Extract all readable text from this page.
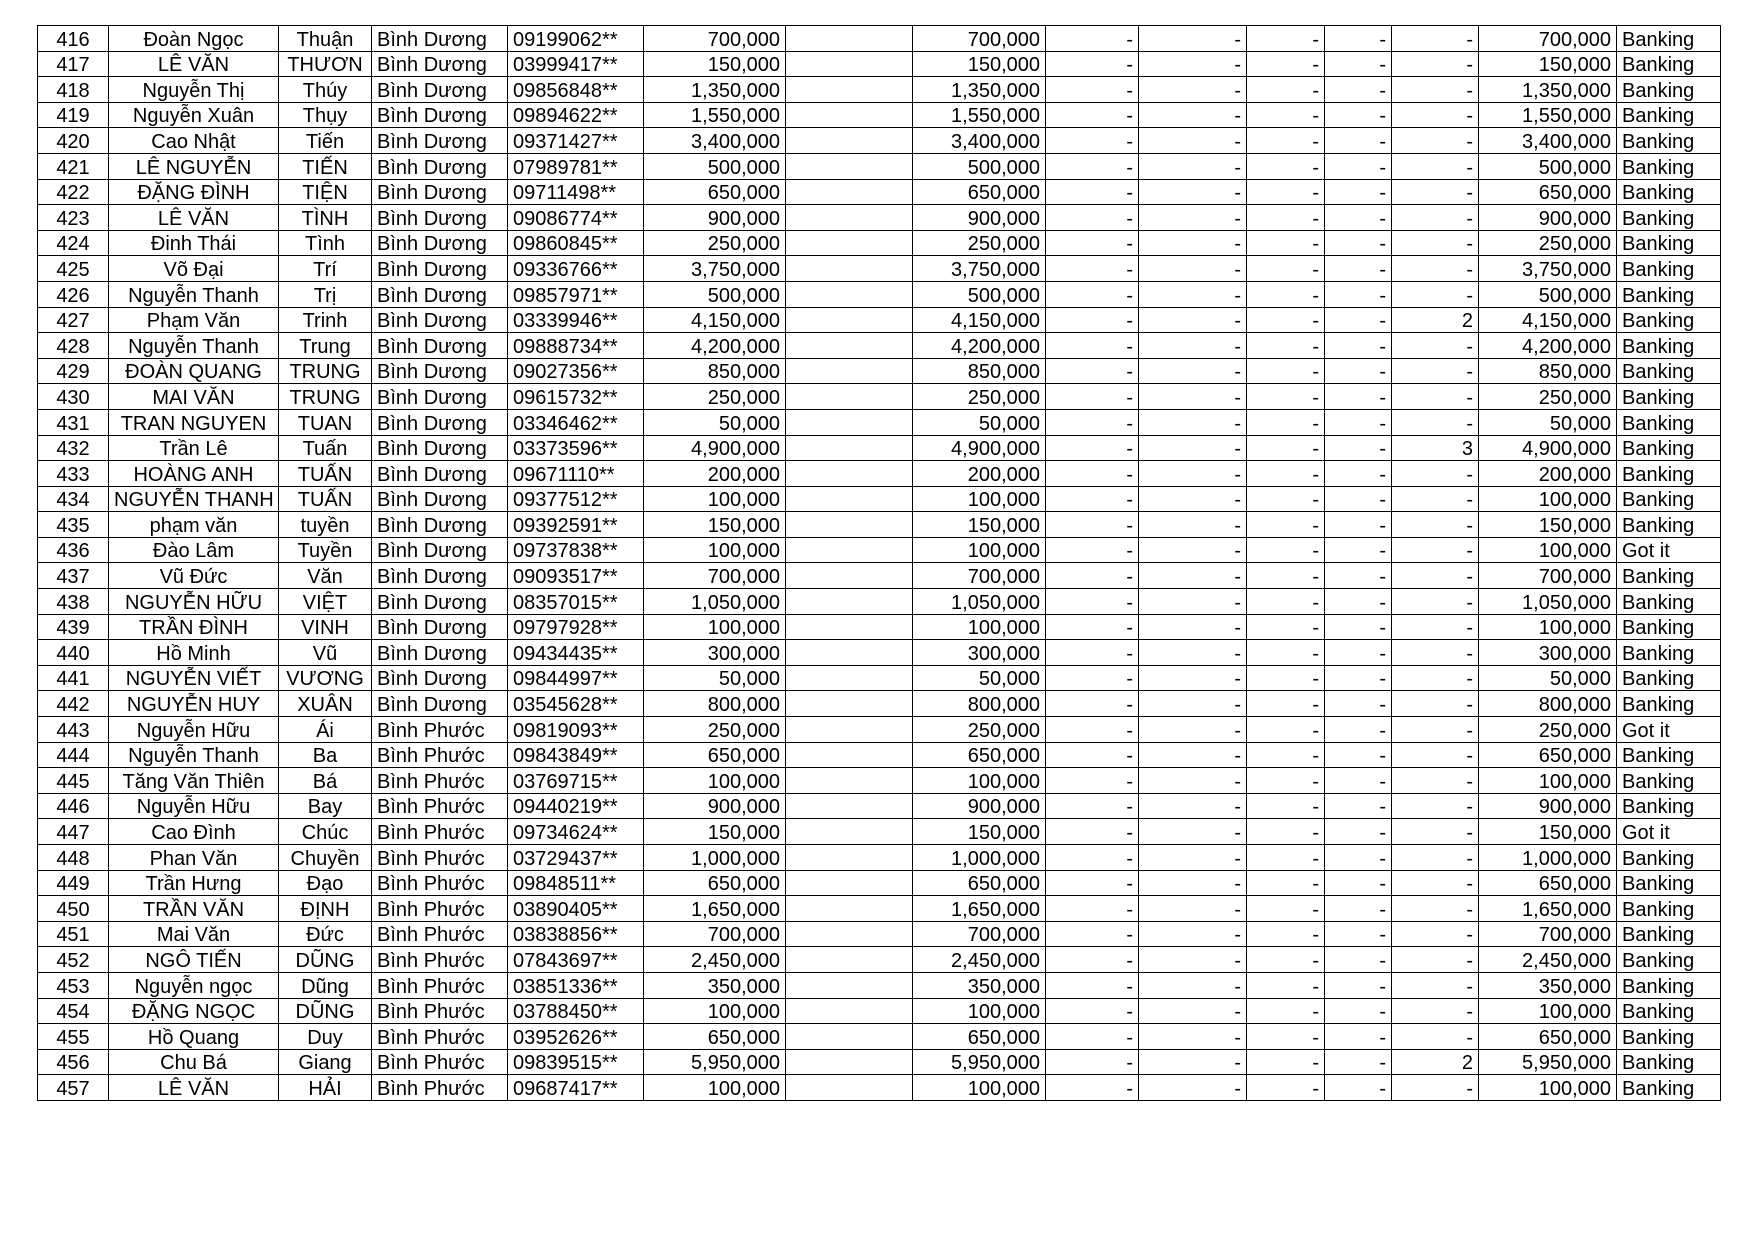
416	Đoàn Ngọc	Thuận	Bình Dương	09199062**	700,000		700,000	-	-	-	-	-	700,000	Banking
417	LÊ VĂN	THƯƠN	Bình Dương	03999417**	150,000		150,000	-	-	-	-	-	150,000	Banking
418	Nguyễn Thị	Thúy	Bình Dương	09856848**	1,350,000		1,350,000	-	-	-	-	-	1,350,000	Banking
419	Nguyễn Xuân	Thụy	Bình Dương	09894622**	1,550,000		1,550,000	-	-	-	-	-	1,550,000	Banking
420	Cao Nhật	Tiến	Bình Dương	09371427**	3,400,000		3,400,000	-	-	-	-	-	3,400,000	Banking
421	LÊ NGUYỄN	TIẾN	Bình Dương	07989781**	500,000		500,000	-	-	-	-	-	500,000	Banking
422	ĐẶNG ĐÌNH	TIỆN	Bình Dương	09711498**	650,000		650,000	-	-	-	-	-	650,000	Banking
423	LÊ VĂN	TÌNH	Bình Dương	09086774**	900,000		900,000	-	-	-	-	-	900,000	Banking
424	Đinh Thái	Tình	Bình Dương	09860845**	250,000		250,000	-	-	-	-	-	250,000	Banking
425	Võ Đại	Trí	Bình Dương	09336766**	3,750,000		3,750,000	-	-	-	-	-	3,750,000	Banking
426	Nguyễn Thanh	Trị	Bình Dương	09857971**	500,000		500,000	-	-	-	-	-	500,000	Banking
427	Phạm Văn	Trinh	Bình Dương	03339946**	4,150,000		4,150,000	-	-	-	-	2	4,150,000	Banking
428	Nguyễn Thanh	Trung	Bình Dương	09888734**	4,200,000		4,200,000	-	-	-	-	-	4,200,000	Banking
429	ĐOÀN QUANG	TRUNG	Bình Dương	09027356**	850,000		850,000	-	-	-	-	-	850,000	Banking
430	MAI VĂN	TRUNG	Bình Dương	09615732**	250,000		250,000	-	-	-	-	-	250,000	Banking
431	TRAN NGUYEN	TUAN	Bình Dương	03346462**	50,000		50,000	-	-	-	-	-	50,000	Banking
432	Trần Lê	Tuấn	Bình Dương	03373596**	4,900,000		4,900,000	-	-	-	-	3	4,900,000	Banking
433	HOÀNG ANH	TUẤN	Bình Dương	09671110**	200,000		200,000	-	-	-	-	-	200,000	Banking
434	NGUYỄN THANH	TUẤN	Bình Dương	09377512**	100,000		100,000	-	-	-	-	-	100,000	Banking
435	phạm văn	tuyền	Bình Dương	09392591**	150,000		150,000	-	-	-	-	-	150,000	Banking
436	Đào Lâm	Tuyền	Bình Dương	09737838**	100,000		100,000	-	-	-	-	-	100,000	Got it
437	Vũ Đức	Văn	Bình Dương	09093517**	700,000		700,000	-	-	-	-	-	700,000	Banking
438	NGUYỄN HỮU	VIỆT	Bình Dương	08357015**	1,050,000		1,050,000	-	-	-	-	-	1,050,000	Banking
439	TRẦN ĐÌNH	VINH	Bình Dương	09797928**	100,000		100,000	-	-	-	-	-	100,000	Banking
440	Hồ Minh	Vũ	Bình Dương	09434435**	300,000		300,000	-	-	-	-	-	300,000	Banking
441	NGUYỄN VIẾT	VƯƠNG	Bình Dương	09844997**	50,000		50,000	-	-	-	-	-	50,000	Banking
442	NGUYỄN HUY	XUÂN	Bình Dương	03545628**	800,000		800,000	-	-	-	-	-	800,000	Banking
443	Nguyễn Hữu	Ái	Bình Phước	09819093**	250,000		250,000	-	-	-	-	-	250,000	Got it
444	Nguyễn Thanh	Ba	Bình Phước	09843849**	650,000		650,000	-	-	-	-	-	650,000	Banking
445	Tăng Văn Thiên	Bá	Bình Phước	03769715**	100,000		100,000	-	-	-	-	-	100,000	Banking
446	Nguyễn Hữu	Bay	Bình Phước	09440219**	900,000		900,000	-	-	-	-	-	900,000	Banking
447	Cao Đình	Chúc	Bình Phước	09734624**	150,000		150,000	-	-	-	-	-	150,000	Got it
448	Phan Văn	Chuyền	Bình Phước	03729437**	1,000,000		1,000,000	-	-	-	-	-	1,000,000	Banking
449	Trần Hưng	Đạo	Bình Phước	09848511**	650,000		650,000	-	-	-	-	-	650,000	Banking
450	TRẦN VĂN	ĐỊNH	Bình Phước	03890405**	1,650,000		1,650,000	-	-	-	-	-	1,650,000	Banking
451	Mai Văn	Đức	Bình Phước	03838856**	700,000		700,000	-	-	-	-	-	700,000	Banking
452	NGÔ TIẾN	DŨNG	Bình Phước	07843697**	2,450,000		2,450,000	-	-	-	-	-	2,450,000	Banking
453	Nguyễn ngọc	Dũng	Bình Phước	03851336**	350,000		350,000	-	-	-	-	-	350,000	Banking
454	ĐẶNG NGỌC	DŨNG	Bình Phước	03788450**	100,000		100,000	-	-	-	-	-	100,000	Banking
455	Hồ Quang	Duy	Bình Phước	03952626**	650,000		650,000	-	-	-	-	-	650,000	Banking
456	Chu Bá	Giang	Bình Phước	09839515**	5,950,000		5,950,000	-	-	-	-	2	5,950,000	Banking
457	LÊ VĂN	HẢI	Bình Phước	09687417**	100,000		100,000	-	-	-	-	-	100,000	Banking
